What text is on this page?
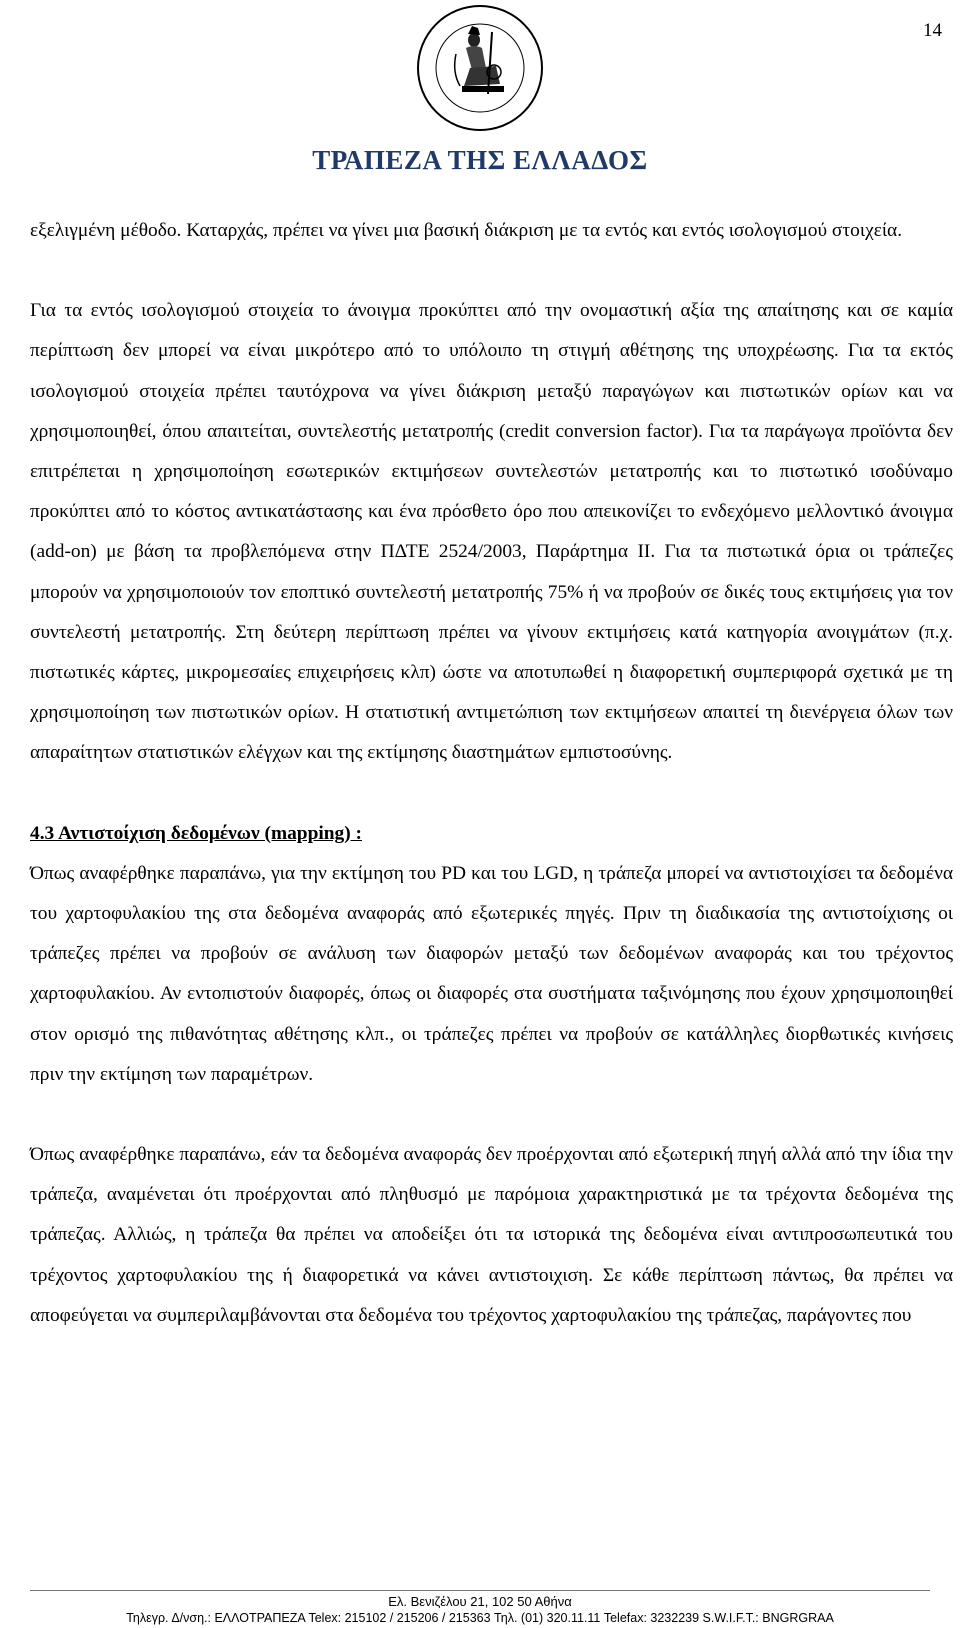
14
ΤΡΑΠΕΖΑ ΤΗΣ ΕΛΛΑΔΟΣ

εξελιγμένη μέθοδο. Καταρχάς, πρέπει να γίνει μια βασική διάκριση με τα εντός και εντός ισολογισμού στοιχεία.

Για τα εντός ισολογισμού στοιχεία το άνοιγμα προκύπτει από την ονομαστική αξία της απαίτησης και σε καμία περίπτωση δεν μπορεί να είναι μικρότερο από το υπόλοιπο τη στιγμή αθέτησης της υποχρέωσης. Για τα εκτός ισολογισμού στοιχεία πρέπει ταυτόχρονα να γίνει διάκριση μεταξύ παραγώγων και πιστωτικών ορίων και να χρησιμοποιηθεί, όπου απαιτείται, συντελεστής μετατροπής (credit conversion factor). Για τα παράγωγα προϊόντα δεν επιτρέπεται η χρησιμοποίηση εσωτερικών εκτιμήσεων συντελεστών μετατροπής και το πιστωτικό ισοδύναμο προκύπτει από το κόστος αντικατάστασης και ένα πρόσθετο όρο που απεικονίζει το ενδεχόμενο μελλοντικό άνοιγμα (add-on) με βάση τα προβλεπόμενα στην ΠΔΤΕ 2524/2003, Παράρτημα ΙΙ. Για τα πιστωτικά όρια οι τράπεζες μπορούν να χρησιμοποιούν τον εποπτικό συντελεστή μετατροπής 75% ή να προβούν σε δικές τους εκτιμήσεις για τον συντελεστή μετατροπής. Στη δεύτερη περίπτωση πρέπει να γίνουν εκτιμήσεις κατά κατηγορία ανοιγμάτων (π.χ. πιστωτικές κάρτες, μικρομεσαίες επιχειρήσεις κλπ) ώστε να αποτυπωθεί η διαφορετική συμπεριφορά σχετικά με τη χρησιμοποίηση των πιστωτικών ορίων. Η στατιστική αντιμετώπιση των εκτιμήσεων απαιτεί τη διενέργεια όλων των απαραίτητων στατιστικών ελέγχων και της εκτίμησης διαστημάτων εμπιστοσύνης.

4.3 Αντιστοίχιση δεδομένων (mapping) :

Όπως αναφέρθηκε παραπάνω, για την εκτίμηση του PD και του LGD, η τράπεζα μπορεί να αντιστοιχίσει τα δεδομένα του χαρτοφυλακίου της στα δεδομένα αναφοράς από εξωτερικές πηγές. Πριν τη διαδικασία της αντιστοίχισης οι τράπεζες πρέπει να προβούν σε ανάλυση των διαφορών μεταξύ των δεδομένων αναφοράς και του τρέχοντος χαρτοφυλακίου. Αν εντοπιστούν διαφορές, όπως οι διαφορές στα συστήματα ταξινόμησης που έχουν χρησιμοποιηθεί στον ορισμό της πιθανότητας αθέτησης κλπ., οι τράπεζες πρέπει να προβούν σε κατάλληλες διορθωτικές κινήσεις πριν την εκτίμηση των παραμέτρων.

Όπως αναφέρθηκε παραπάνω, εάν τα δεδομένα αναφοράς δεν προέρχονται από εξωτερική πηγή αλλά από την ίδια την τράπεζα, αναμένεται ότι προέρχονται από πληθυσμό με παρόμοια χαρακτηριστικά με τα τρέχοντα δεδομένα της τράπεζας. Αλλιώς, η τράπεζα θα πρέπει να αποδείξει ότι τα ιστορικά της δεδομένα είναι αντιπροσωπευτικά του τρέχοντος χαρτοφυλακίου της ή διαφορετικά να κάνει αντιστοιχιση. Σε κάθε περίπτωση πάντως, θα πρέπει να αποφεύγεται να συμπεριλαμβάνονται στα δεδομένα του τρέχοντος χαρτοφυλακίου της τράπεζας, παράγοντες που

Ελ. Βενιζέλου 21, 102 50 Αθήνα
Τηλεγρ. Δ/νση.: ΕΛΛΟΤΡΑΠΕΖΑ Telex: 215102 / 215206 / 215363 Τηλ. (01) 320.11.11 Telefax: 3232239 S.W.I.F.T.: BNGRGRAA
